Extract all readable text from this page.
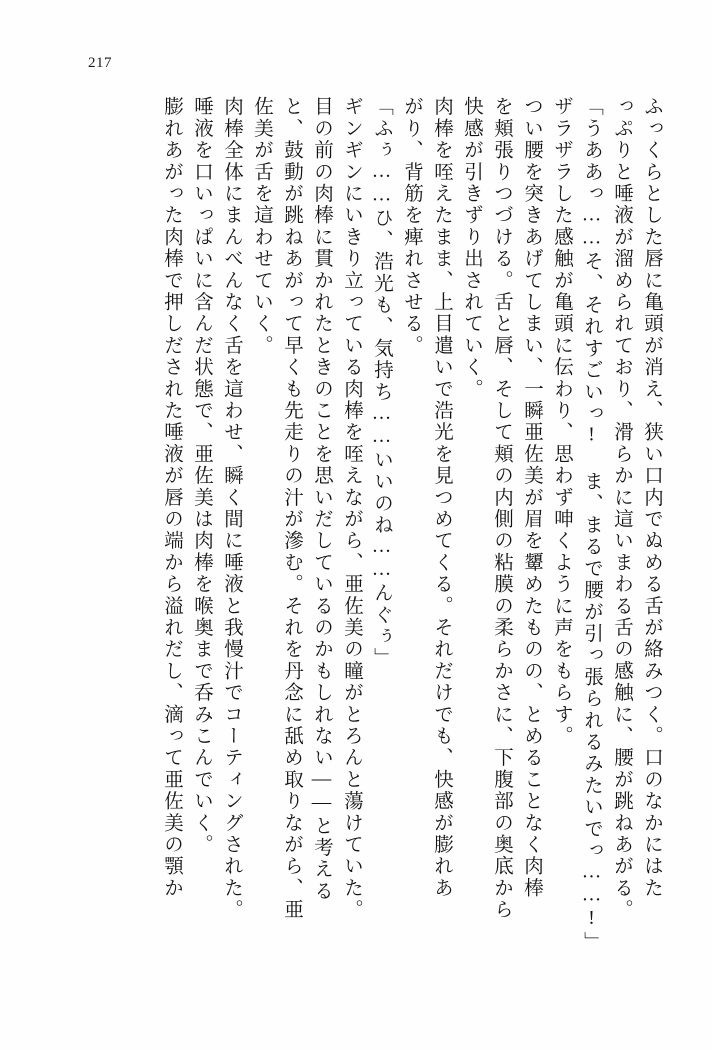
217
ふっくらとした唇に亀頭が消え、狭い口内でぬめる舌が絡みつく。口のなかにはた
っぷりと唾液が溜められており、滑らかに這いまわる舌の感触に、腰が跳ねあがる。
「うああっ……そ、それすごいっ! ま、まるで腰が引っ張られるみたいでっ……!」
ザラザラした感触が亀頭に伝わり、思わず呻くように声をもらす。
つい腰を突きあげてしまい、一瞬亜佐美が眉を顰めたものの、とめることなく肉棒
を頬張りつづける。舌と唇、そして頬の内側の粘膜の柔らかさに、下腹部の奥底から
快感が引きずり出されていく。
肉棒を咥えたまま、上目遣いで浩光を見つめてくる。それだけでも、快感が膨れあ
がり、背筋を痺れさせる。
「ふぅ……ひ、浩光も、気持ち……いいのね……んぐぅ」
ギンギンにいきり立っている肉棒を咥えながら、亜佐美の瞳がとろんと蕩けていた。
目の前の肉棒に貫かれたときのことを思いだしているのかもしれない――と考える
と、鼓動が跳ねあがって早くも先走りの汁が滲む。それを丹念に舐め取りながら、亜
佐美が舌を這わせていく。
肉棒全体にまんべんなく舌を這わせ、瞬く間に唾液と我慢汁でコーティングされた。
唾液を口いっぱいに含んだ状態で、亜佐美は肉棒を喉奥まで呑みこんでいく。
膨れあがった肉棒で押しだされた唾液が唇の端から溢れだし、滴って亜佐美の顎か
